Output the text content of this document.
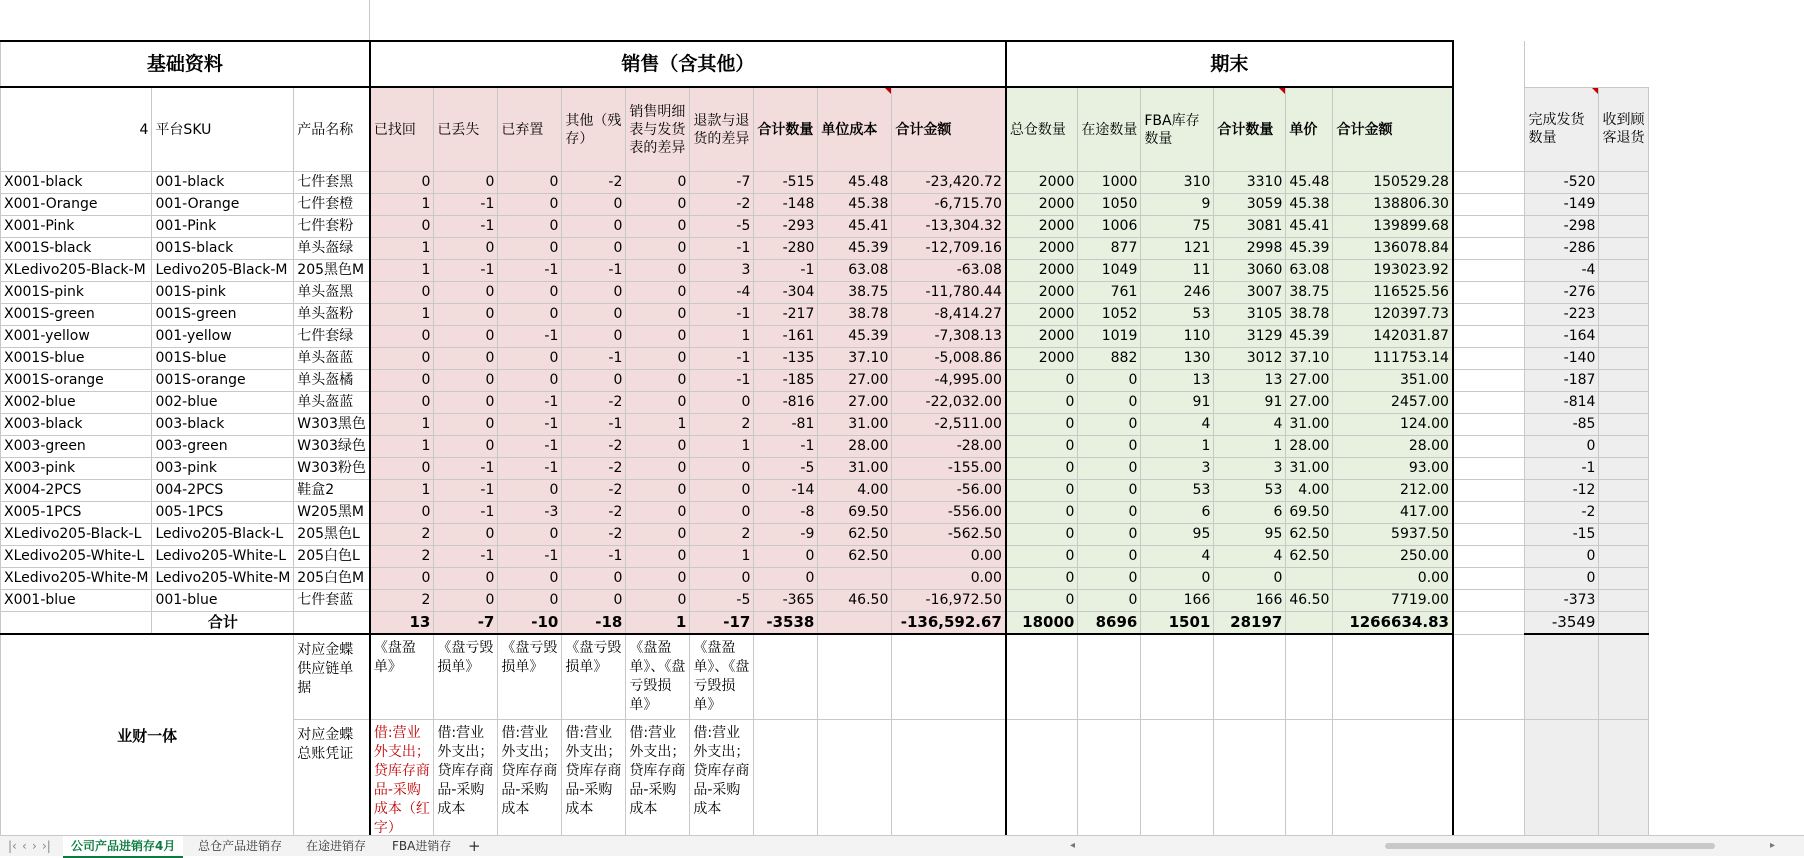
基础资料			销售（含其他）									期末								
4	平台SKU	产品名称	已找回	已丢失	已弃置	其他（残存）	销售明细表与发货表的差异	退款与退货的差异	合计数量	单位成本	合计金额	总仓数量	在途数量	FBA库存数量	合计数量	单价	合计金额		完成发货数量	收到顾客退货
X001-black	001-black	七件套黑	0	0	0	-2	0	-7	-515	45.48	-23,420.72	2000	1000	310	3310	45.48	150529.28		-520	
X001-Orange	001-Orange	七件套橙	1	-1	0	0	0	-2	-148	45.38	-6,715.70	2000	1050	9	3059	45.38	138806.30		-149	
X001-Pink	001-Pink	七件套粉	0	-1	0	0	0	-5	-293	45.41	-13,304.32	2000	1006	75	3081	45.41	139899.68		-298	
X001S-black	001S-black	单头盔绿	1	0	0	0	0	-1	-280	45.39	-12,709.16	2000	877	121	2998	45.39	136078.84		-286	
XLedivo205-Black-M	Ledivo205-Black-M	205黑色M	1	-1	-1	-1	0	3	-1	63.08	-63.08	2000	1049	11	3060	63.08	193023.92		-4	
X001S-pink	001S-pink	单头盔黑	0	0	0	0	0	-4	-304	38.75	-11,780.44	2000	761	246	3007	38.75	116525.56		-276	
X001S-green	001S-green	单头盔粉	1	0	0	0	0	-1	-217	38.78	-8,414.27	2000	1052	53	3105	38.78	120397.73		-223	
X001-yellow	001-yellow	七件套绿	0	0	-1	0	0	1	-161	45.39	-7,308.13	2000	1019	110	3129	45.39	142031.87		-164	
X001S-blue	001S-blue	单头盔蓝	0	0	0	-1	0	-1	-135	37.10	-5,008.86	2000	882	130	3012	37.10	111753.14		-140	
X001S-orange	001S-orange	单头盔橘	0	0	0	0	0	-1	-185	27.00	-4,995.00	0	0	13	13	27.00	351.00		-187	
X002-blue	002-blue	单头盔蓝	0	0	-1	-2	0	0	-816	27.00	-22,032.00	0	0	91	91	27.00	2457.00		-814	
X003-black	003-black	W303黑色	1	0	-1	-1	1	2	-81	31.00	-2,511.00	0	0	4	4	31.00	124.00		-85	
X003-green	003-green	W303绿色	1	0	-1	-2	0	1	-1	28.00	-28.00	0	0	1	1	28.00	28.00		0	
X003-pink	003-pink	W303粉色	0	-1	-1	-2	0	0	-5	31.00	-155.00	0	0	3	3	31.00	93.00		-1	
X004-2PCS	004-2PCS	鞋盒2	1	-1	0	-2	0	0	-14	4.00	-56.00	0	0	53	53	4.00	212.00		-12	
X005-1PCS	005-1PCS	W205黑M	0	-1	-3	-2	0	0	-8	69.50	-556.00	0	0	6	6	69.50	417.00		-2	
XLedivo205-Black-L	Ledivo205-Black-L	205黑色L	2	0	0	-2	0	2	-9	62.50	-562.50	0	0	95	95	62.50	5937.50		-15	
XLedivo205-White-L	Ledivo205-White-L	205白色L	2	-1	-1	-1	0	1	0	62.50	0.00	0	0	4	4	62.50	250.00		0	
XLedivo205-White-M	Ledivo205-White-M	205白色M	0	0	0	0	0	0	0		0.00	0	0	0	0		0.00		0	
X001-blue	001-blue	七件套蓝	2	0	0	0	0	-5	-365	46.50	-16,972.50	0	0	166	166	46.50	7719.00		-373	
	合计		13	-7	-10	-18	1	-17	-3538		-136,592.67	18000	8696	1501	28197		1266634.83		-3549	
业财一体		对应金蝶供应链单据	《盘盈单》	《盘亏毁损单》	《盘亏毁损单》	《盘亏毁损单》	《盘盈单》、《盘亏毁损单》	《盘盈单》、《盘亏毁损单》												
		对应金蝶总账凭证	借:营业外支出；贷库存商品-采购成本（红字）	借:营业外支出；贷库存商品-采购成本	借:营业外支出；贷库存商品-采购成本	借:营业外支出；贷库存商品-采购成本	借:营业外支出；贷库存商品-采购成本	借:营业外支出；贷库存商品-采购成本												
|‹ ‹ › ›|	公司产品进销存4月	总仓产品进销存	在途进销存	FBA进销存	+	◂	▸
